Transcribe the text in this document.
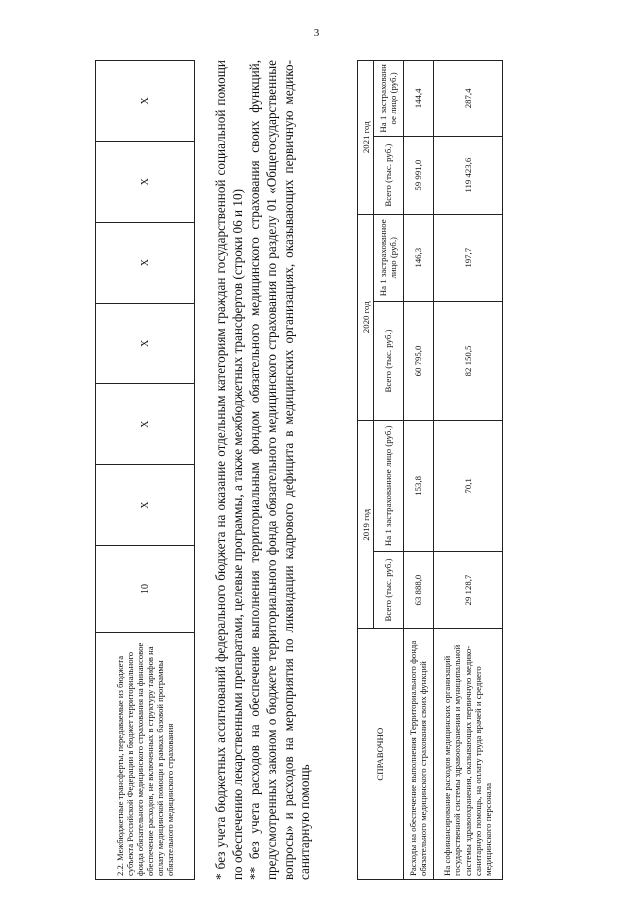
3
2.2. Межбюджетные трансферты, передаваемые из бюджета субъекта Российской Федерации в бюджет территориального фонда обязательного медицинского страхования на финансовое обеспечение расходов, не включенных в структуру тарифов на оплату медицинской помощи в рамках базовой программы обязательного медицинского страхования	10	X	X	X	X	X	X	* без учета бюджетных ассигнований федерального бюджета на оказание отдельным категориям граждан государственной социальной помощи по обеспечению лекарственными препаратами, целевые программы, а также межбюджетных трансфертов (строки 06 и 10) ** без учета расходов на обеспечение выполнения территориальным фондом обязательного медицинского страхования своих функций, предусмотренных законом о бюджете территориального фонда обязательного медицинского страхования по разделу 01 «Общегосударственные вопросы» и расходов на мероприятия по ликвидации кадрового дефицита в медицинских организациях, оказывающих первичную медико-санитарную помощь

СПРАВОЧНО	2019 год		2020 год		2021 год	
	Всего (тыс. руб.)	На 1 застрахованное лицо (руб.)	Всего (тыс. руб.)	На 1 застрахованное лицо (руб.)	Всего (тыс. руб.)	На 1 застрахованн ое лицо (руб.)
Расходы на обеспечение выполнения Территориального фонда обязательного медицинского страхования своих функций	63 888,0	153,8	60 795,0	146,3	59 991,0	144,4
На софинансирование расходов медицинских организаций государственной системы здравоохранения и муниципальной системы здравоохранения, оказывающих первичную медико-санитарную помощь, на оплату труда врачей и среднего медицинского персонала	29 128,7	70,1	82 150,5	197,7	119 423,6	287,4
